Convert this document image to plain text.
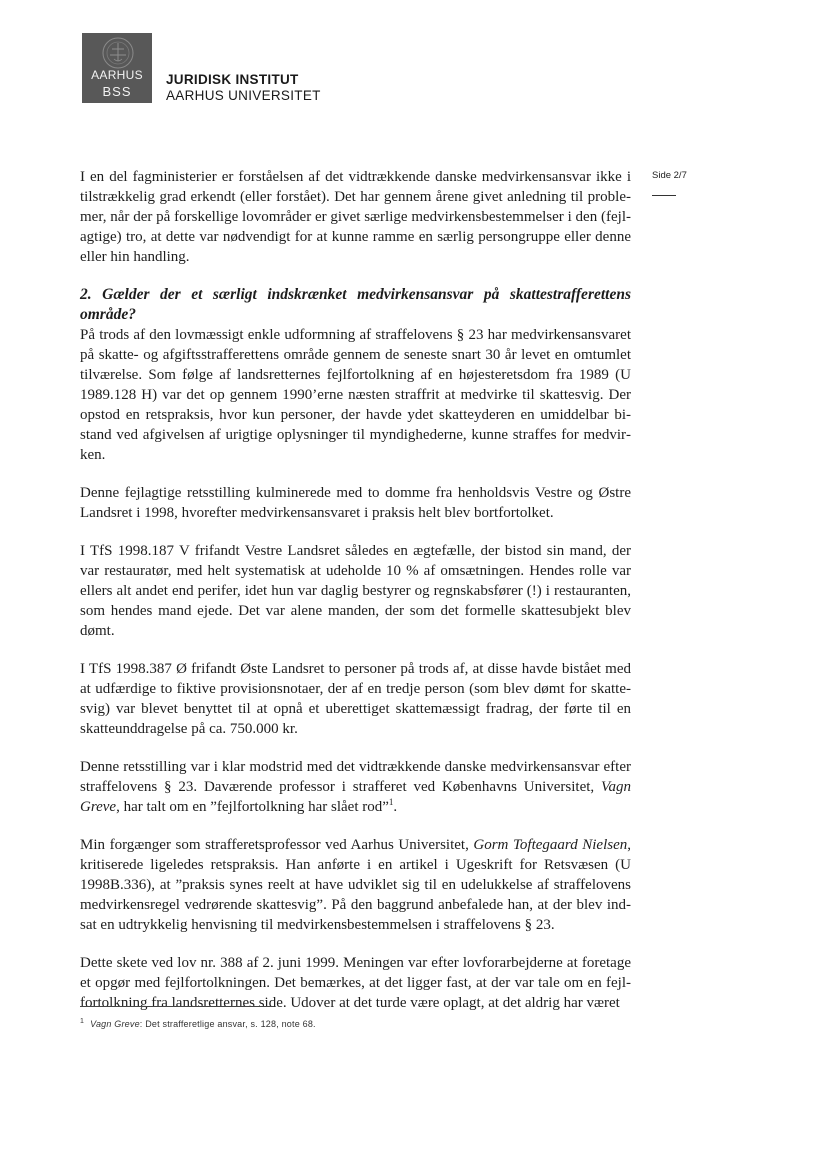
AARHUS
BSS
JURIDISK INSTITUT
AARHUS UNIVERSITET
Side 2/7

I en del fagministerier er forståelsen af det vidtrækkende danske medvirkensansvar ikke i tilstrækkelig grad erkendt (eller forstået). Det har gennem årene givet anledning til problemer, når der på forskellige lovområder er givet særlige medvirkensbestemmelser i den (fejlagtige) tro, at dette var nødvendigt for at kunne ramme en særlig persongruppe eller denne eller hin handling.

2. Gælder der et særligt indskrænket medvirkensansvar på skattestrafferettens område?

På trods af den lovmæssigt enkle udformning af straffelovens § 23 har medvirkensansvaret på skatte- og afgiftsstrafferettens område gennem de seneste snart 30 år levet en omtumlet tilværelse. Som følge af landsretternes fejlfortolkning af en højesteretsdom fra 1989 (U 1989.128 H) var det op gennem 1990’erne næsten straffrit at medvirke til skattesvig. Der opstod en retspraksis, hvor kun personer, der havde ydet skatteyderen en umiddelbar bistand ved afgivelsen af urigtige oplysninger til myndighederne, kunne straffes for medvirken.

Denne fejlagtige retsstilling kulminerede med to domme fra henholdsvis Vestre og Østre Landsret i 1998, hvorefter medvirkensansvaret i praksis helt blev bortfortolket.

I TfS 1998.187 V frifandt Vestre Landsret således en ægtefælle, der bistod sin mand, der var restauratør, med helt systematisk at udeholde 10 % af omsætningen. Hendes rolle var ellers alt andet end perifer, idet hun var daglig bestyrer og regnskabsfører (!) i restauranten, som hendes mand ejede. Det var alene manden, der som det formelle skattesubjekt blev dømt.

I TfS 1998.387 Ø frifandt Øste Landsret to personer på trods af, at disse havde bistået med at udfærdige to fiktive provisionsnotaer, der af en tredje person (som blev dømt for skattesvig) var blevet benyttet til at opnå et uberettiget skattemæssigt fradrag, der førte til en skatteunddragelse på ca. 750.000 kr.

Denne retsstilling var i klar modstrid med det vidtrækkende danske medvirkensansvar efter straffelovens § 23. Daværende professor i strafferet ved Københavns Universitet, Vagn Greve, har talt om en ”fejlfortolkning har slået rod”$^1$.

Min forgænger som strafferetsprofessor ved Aarhus Universitet, Gorm Toftegaard Nielsen, kritiserede ligeledes retspraksis. Han anførte i en artikel i Ugeskrift for Retsvæsen (U 1998B.336), at ”praksis synes reelt at have udviklet sig til en udelukkelse af straffelovens medvirkensregel vedrørende skattesvig”. På den baggrund anbefalede han, at der blev indsat en udtrykkelig henvisning til medvirkensbestemmelsen i straffelovens § 23.

Dette skete ved lov nr. 388 af 2. juni 1999. Meningen var efter lovforarbejderne at foretage et opgør med fejlfortolkningen. Det bemærkes, at det ligger fast, at der var tale om en fejlfortolkning fra landsretternes side. Udover at det turde være oplagt, at det aldrig har været

$^1$ Vagn Greve: Det strafferetlige ansvar, s. 128, note 68.
